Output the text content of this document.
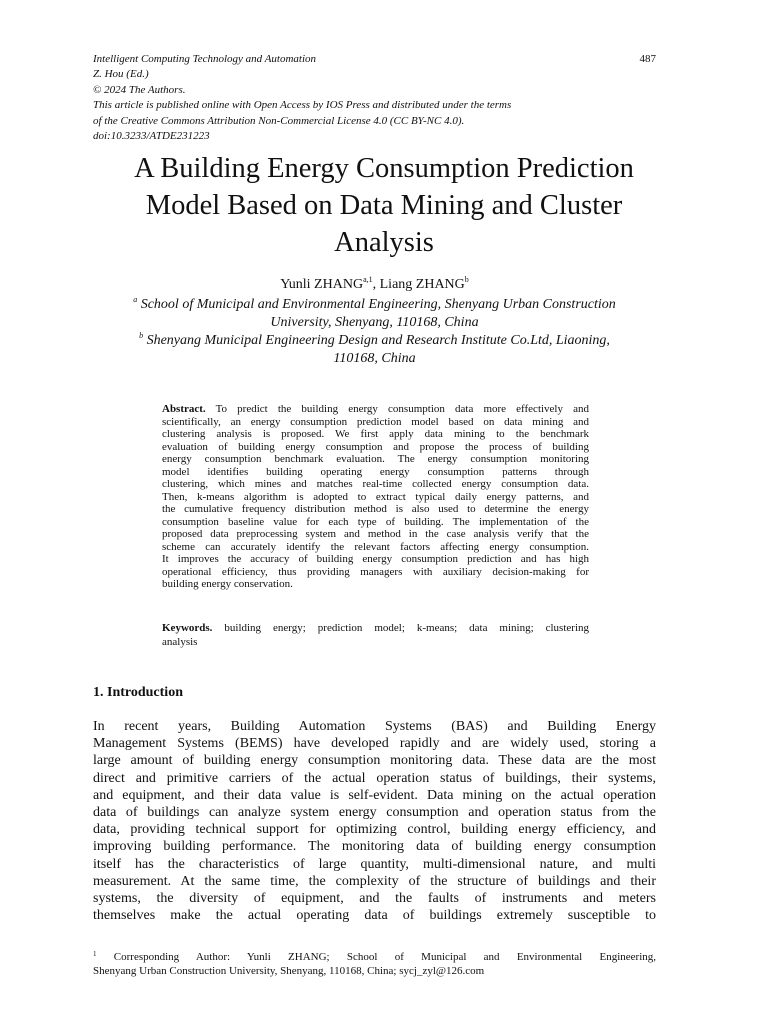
Intelligent Computing Technology and Automation
Z. Hou (Ed.)
© 2024 The Authors.
This article is published online with Open Access by IOS Press and distributed under the terms
of the Creative Commons Attribution Non-Commercial License 4.0 (CC BY-NC 4.0).
doi:10.3233/ATDE231223
487
A Building Energy Consumption Prediction
Model Based on Data Mining and Cluster
Analysis
Yunli ZHANG$^{a,1}$, Liang ZHANG$^b$
$^a$ School of Municipal and Environmental Engineering, Shenyang Urban Construction
University, Shenyang, 110168, China
$^b$ Shenyang Municipal Engineering Design and Research Institute Co.Ltd, Liaoning,
110168, China
Abstract. To predict the building energy consumption data more effectively and
scientifically, an energy consumption prediction model based on data mining and
clustering analysis is proposed. We first apply data mining to the benchmark
evaluation of building energy consumption and propose the process of building
energy consumption benchmark evaluation. The energy consumption monitoring
model identifies building operating energy consumption patterns through
clustering, which mines and matches real-time collected energy consumption data.
Then, k-means algorithm is adopted to extract typical daily energy patterns, and
the cumulative frequency distribution method is also used to determine the energy
consumption baseline value for each type of building. The implementation of the
proposed data preprocessing system and method in the case analysis verify that the
scheme can accurately identify the relevant factors affecting energy consumption.
It improves the accuracy of building energy consumption prediction and has high
operational efficiency, thus providing managers with auxiliary decision-making for
building energy conservation.
Keywords. building energy; prediction model; k-means; data mining; clustering
analysis
1. Introduction
In recent years, Building Automation Systems (BAS) and Building Energy
Management Systems (BEMS) have developed rapidly and are widely used, storing a
large amount of building energy consumption monitoring data. These data are the most
direct and primitive carriers of the actual operation status of buildings, their systems,
and equipment, and their data value is self-evident. Data mining on the actual operation
data of buildings can analyze system energy consumption and operation status from the
data, providing technical support for optimizing control, building energy efficiency, and
improving building performance. The monitoring data of building energy consumption
itself has the characteristics of large quantity, multi-dimensional nature, and multi
measurement. At the same time, the complexity of the structure of buildings and their
systems, the diversity of equipment, and the faults of instruments and meters
themselves make the actual operating data of buildings extremely susceptible to
$^1$ Corresponding Author: Yunli ZHANG; School of Municipal and Environmental Engineering,
Shenyang Urban Construction University, Shenyang, 110168, China; sycj_zyl@126.com
